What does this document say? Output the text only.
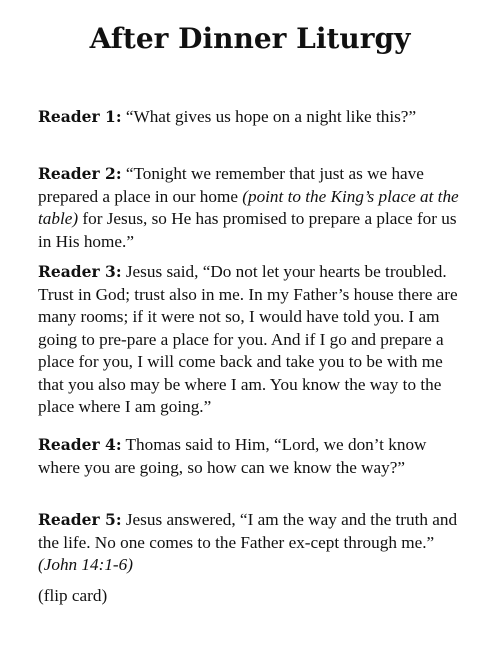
After Dinner Liturgy

Reader 1: “What gives us hope on a night like this?”

Reader 2: “Tonight we remember that just as we have prepared a place in our home (point to the King’s place at the table) for Jesus, so He has promised to prepare a place for us in His home.”

Reader 3: Jesus said, “Do not let your hearts be troubled. Trust in God; trust also in me. In my Father’s house there are many rooms; if it were not so, I would have told you. I am going to pre-pare a place for you. And if I go and prepare a place for you, I will come back and take you to be with me that you also may be where I am. You know the way to the place where I am going.”

Reader 4: Thomas said to Him, “Lord, we don’t know where you are going, so how can we know the way?”

Reader 5: Jesus answered, “I am the way and the truth and the life. No one comes to the Father ex-cept through me.” (John 14:1-6)

(flip card)
